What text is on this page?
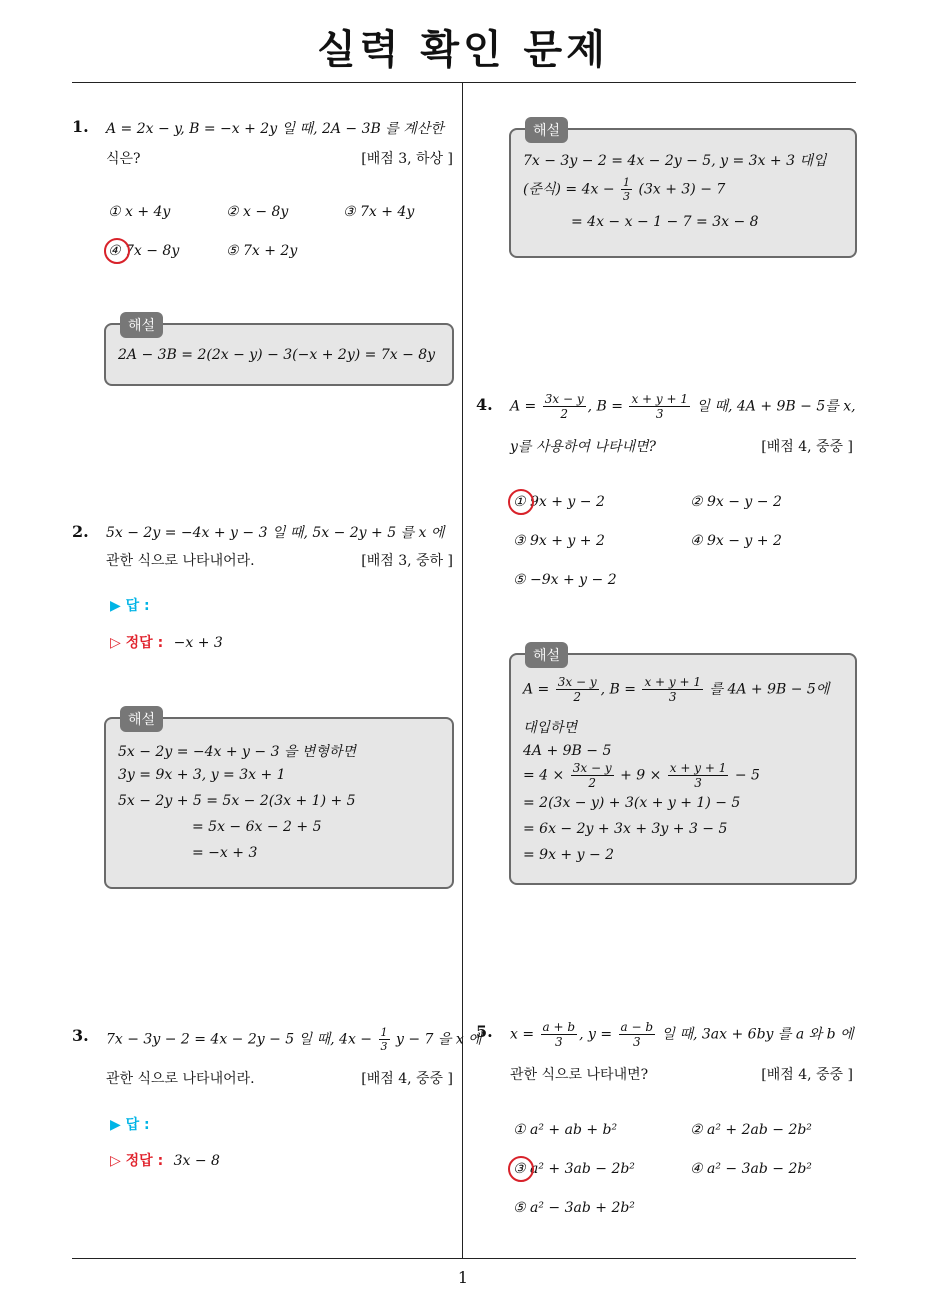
실력 확인 문제
1
1. A = 2x − y, B = −x + 2y 일 때, 2A − 3B 를 계산한
식은?	[배점 3, 하상 ]
① x + 4y	② x − 8y	③ 7x + 4y
④ 7x − 8y	⑤ 7x + 2y
해설
2A − 3B = 2(2x − y) − 3(−x + 2y) = 7x − 8y
2. 5x − 2y = −4x + y − 3 일 때, 5x − 2y + 5 를 x 에
관한 식으로 나타내어라.	[배점 3, 중하 ]
▶ 답 :
▷ 정답 : −x + 3
해설
5x − 2y = −4x + y − 3 을 변형하면
3y = 9x + 3, y = 3x + 1
5x − 2y + 5 = 5x − 2(3x + 1) + 5
= 5x − 6x − 2 + 5
= −x + 3
3. 7x − 3y − 2 = 4x − 2y − 5 일 때, $4x - \frac{1}{3}$ y − 7 을 x 에
관한 식으로 나타내어라.	[배점 4, 중중 ]
▶ 답 :
▷ 정답 : 3x − 8
해설
7x − 3y − 2 = 4x − 2y − 5, y = 3x + 3 대입
(준식) = $4x - \frac{1}{3} (3x + 3) - 7$
= 4x − x − 1 − 7 = 3x − 8
4. $A = \frac{3x - y}{2}$ , $B = \frac{x + y + 1}{3}$ 일 때, 4A + 9B − 5를 x,
y를 사용하여 나타내면?	[배점 4, 중중 ]
① 9x + y − 2	② 9x − y − 2
③ 9x + y + 2	④ 9x − y + 2
⑤ −9x + y − 2
해설
$A = \frac{3x - y}{2}$ , $B = \frac{x + y + 1}{3}$ 를 4A + 9B − 5에
대입하면
4A + 9B − 5
= $4 \times \frac{3x - y}{2} + 9 \times \frac{x + y + 1}{3} - 5$
= 2(3x − y) + 3(x + y + 1) − 5
= 6x − 2y + 3x + 3y + 3 − 5
= 9x + y − 2
5. $x = \frac{a + b}{3}$ , $y = \frac{a - b}{3}$ 일 때, 3ax + 6by 를 a 와 b 에
관한 식으로 나타내면?	[배점 4, 중중 ]
① a² + ab + b²	② a² + 2ab − 2b²
③ a² + 3ab − 2b²	④ a² − 3ab − 2b²
⑤ a² − 3ab + 2b²
